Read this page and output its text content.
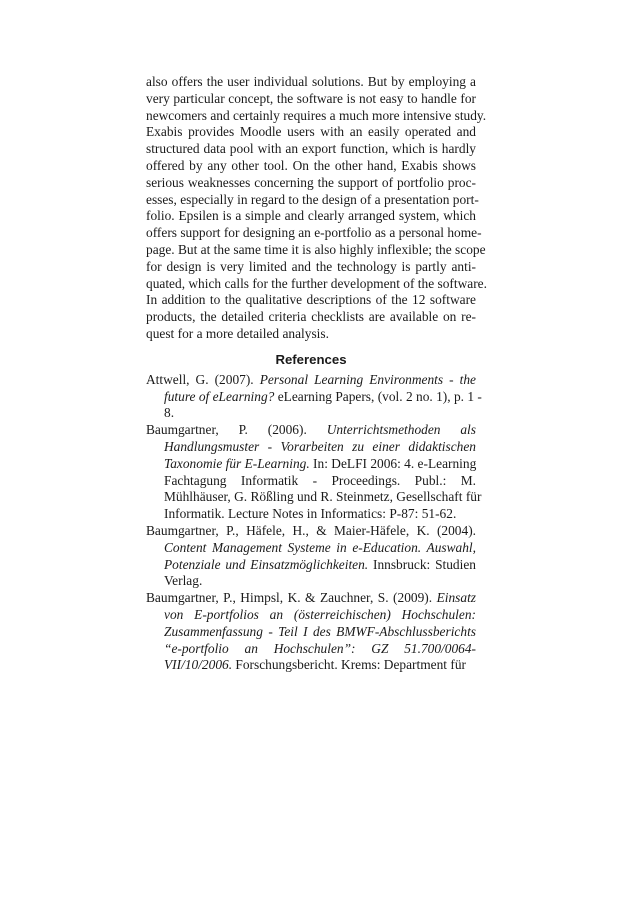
also offers the user individual solutions. But by employing a
very particular concept, the software is not easy to handle for
newcomers and certainly requires a much more intensive study.
Exabis provides Moodle users with an easily operated and
structured data pool with an export function, which is hardly
offered by any other tool. On the other hand, Exabis shows
serious weaknesses concerning the support of portfolio proc-
esses, especially in regard to the design of a presentation port-
folio. Epsilen is a simple and clearly arranged system, which
offers support for designing an e-portfolio as a personal home-
page. But at the same time it is also highly inflexible; the scope
for design is very limited and the technology is partly anti-
quated, which calls for the further development of the software.
In addition to the qualitative descriptions of the 12 software
products, the detailed criteria checklists are available on re-
quest for a more detailed analysis.
References
Attwell, G. (2007). Personal Learning Environments - the
future of eLearning? eLearning Papers, (vol. 2 no. 1), p. 1 -
8.
Baumgartner, P. (2006). Unterrichtsmethoden als
Handlungsmuster - Vorarbeiten zu einer didaktischen
Taxonomie für E-Learning. In: DeLFI 2006: 4. e-Learning
Fachtagung Informatik - Proceedings. Publ.: M.
Mühlhäuser, G. Rößling und R. Steinmetz, Gesellschaft für
Informatik. Lecture Notes in Informatics: P-87: 51-62.
Baumgartner, P., Häfele, H., & Maier-Häfele, K. (2004).
Content Management Systeme in e-Education. Auswahl,
Potenziale und Einsatzmöglichkeiten. Innsbruck: Studien
Verlag.
Baumgartner, P., Himpsl, K. & Zauchner, S. (2009). Einsatz
von E-portfolios an (österreichischen) Hochschulen:
Zusammenfassung - Teil I des BMWF-Abschlussberichts
“e-portfolio an Hochschulen”: GZ 51.700/0064-
VII/10/2006. Forschungsbericht. Krems: Department für
